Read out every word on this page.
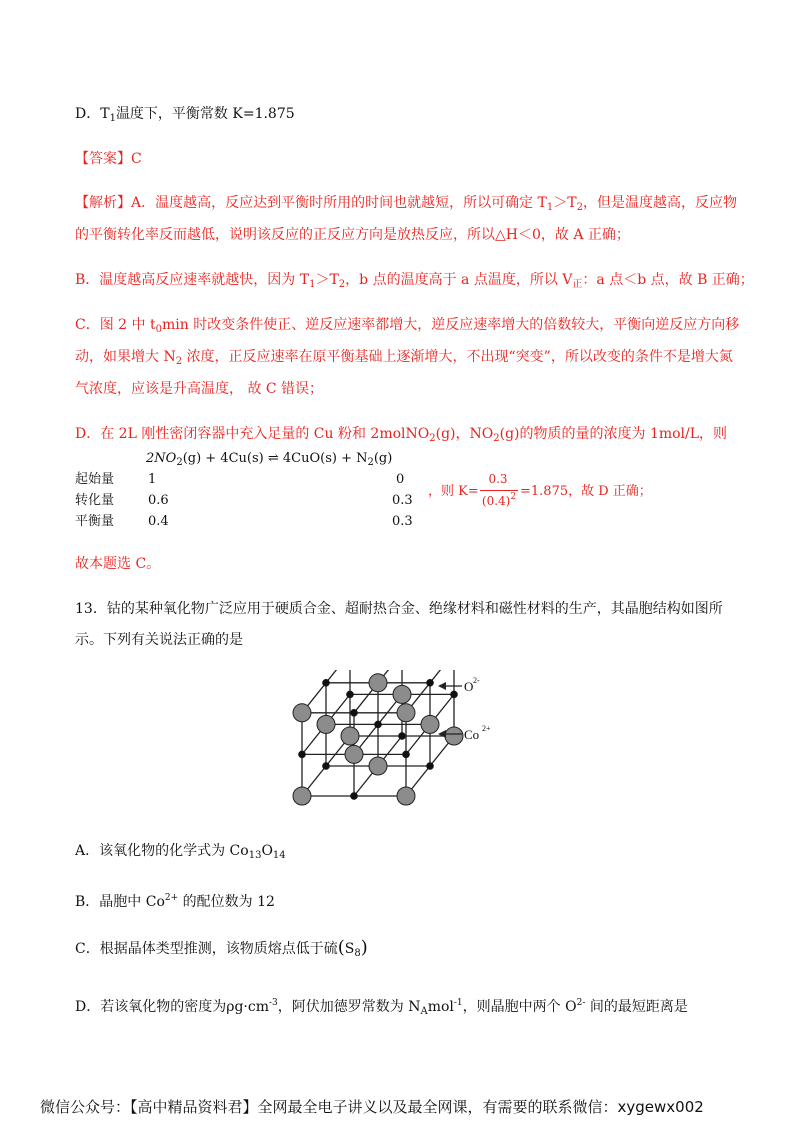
D．$T_1$温度下，平衡常数 K=1.875
【答案】C
【解析】A．温度越高，反应达到平衡时所用的时间也就越短，所以可确定 $T_1>T_2$，但是温度越高，反应物
的平衡转化率反而越低，说明该反应的正反应方向是放热反应，所以△H＜0，故 A 正确；
B．温度越高反应速率就越快，因为 $T_1>T_2$，b 点的温度高于 a 点温度，所以 $V_正$：a 点＜b 点，故 B 正确；
C．图 2 中 $t_0\min$ 时改变条件使正、逆反应速率都增大，逆反应速率增大的倍数较大，平衡向逆反应方向移
动，如果增大 $N_2$ 浓度，正反应速率在原平衡基础上逐渐增大，不出现“突变”，所以改变的条件不是增大氮
气浓度，应该是升高温度， 故 C 错误；
D．在 2L 刚性密闭容器中充入足量的 Cu 粉和 2molNO$_2$(g)，$NO_2(g)$的物质的量的浓度为 1mol/L，则
$2NO_2(g) + 4Cu(s)$ ⇌ $4CuO(s) + N_2(g)$
起始量	1	0
转化量	0.6	0.3
平衡量	0.4	0.3
，则 K=
0.3
$(0.4)^2 =1.875$，故 D 正确；
故本题选 C。
13．钴的某种氧化物广泛应用于硬质合金、超耐热合金、绝缘材料和磁性材料的生产，其晶胞结构如图所
示。下列有关说法正确的是
O 2-
Co 2+
A．该氧化物的化学式为 $Co_{13}O_{14}$
B．晶胞中 $Co^{2+}$ 的配位数为 12
C．根据晶体类型推测，该物质熔点低于硫$(S_8)$
D．若该氧化物的密度为$\rho g\cdot cm^{-3}$，阿伏加德罗常数为 $N_Amol^{-1}$，则晶胞中两个 $O^{2-}$ 间的最短距离是
微信公众号：【高中精品资料君】全网最全电子讲义以及最全网课，有需要的联系微信：xygewx002
